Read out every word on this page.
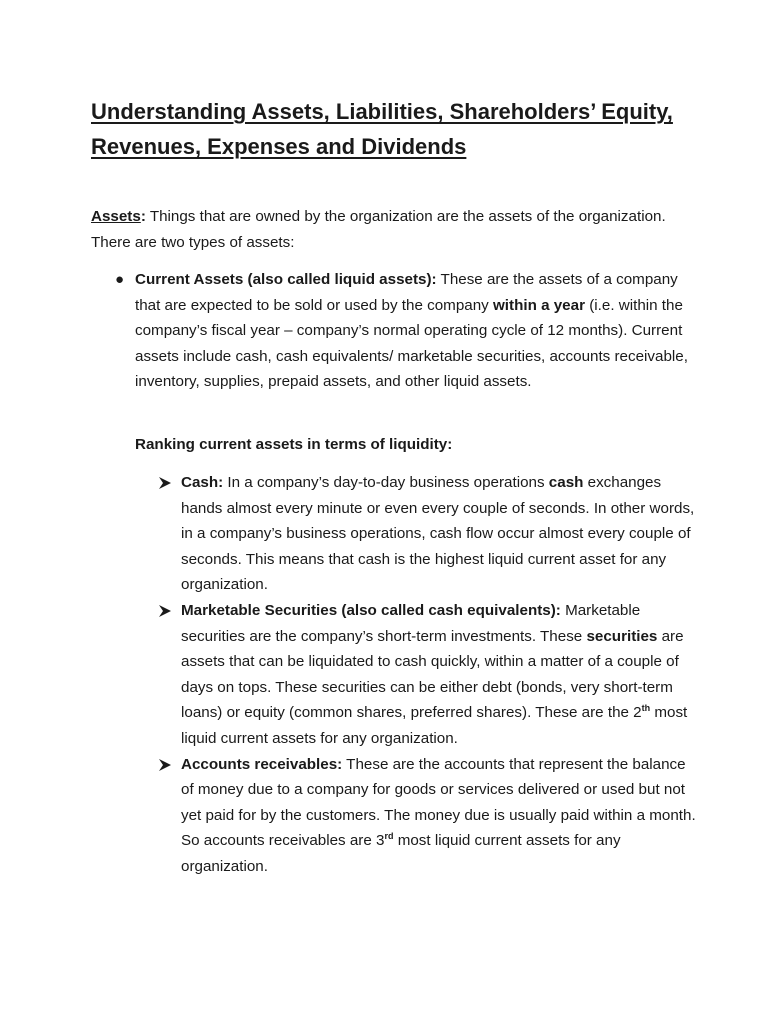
Understanding Assets, Liabilities, Shareholders’ Equity, Revenues, Expenses and Dividends

Assets: Things that are owned by the organization are the assets of the organization. There are two types of assets:

● Current Assets (also called liquid assets): These are the assets of a company that are expected to be sold or used by the company within a year (i.e. within the company’s fiscal year – company’s normal operating cycle of 12 months). Current assets include cash, cash equivalents/ marketable securities, accounts receivable, inventory, supplies, prepaid assets, and other liquid assets.

Ranking current assets in terms of liquidity:

Cash: In a company’s day-to-day business operations cash exchanges hands almost every minute or even every couple of seconds. In other words, in a company’s business operations, cash flow occur almost every couple of seconds. This means that cash is the highest liquid current asset for any organization.
Marketable Securities (also called cash equivalents): Marketable securities are the company’s short-term investments. These securities are assets that can be liquidated to cash quickly, within a matter of a couple of days on tops. These securities can be either debt (bonds, very short-term loans) or equity (common shares, preferred shares). These are the 2th most liquid current assets for any organization.
Accounts receivables: These are the accounts that represent the balance of money due to a company for goods or services delivered or used but not yet paid for by the customers. The money due is usually paid within a month. So accounts receivables are 3rd most liquid current assets for any organization.
